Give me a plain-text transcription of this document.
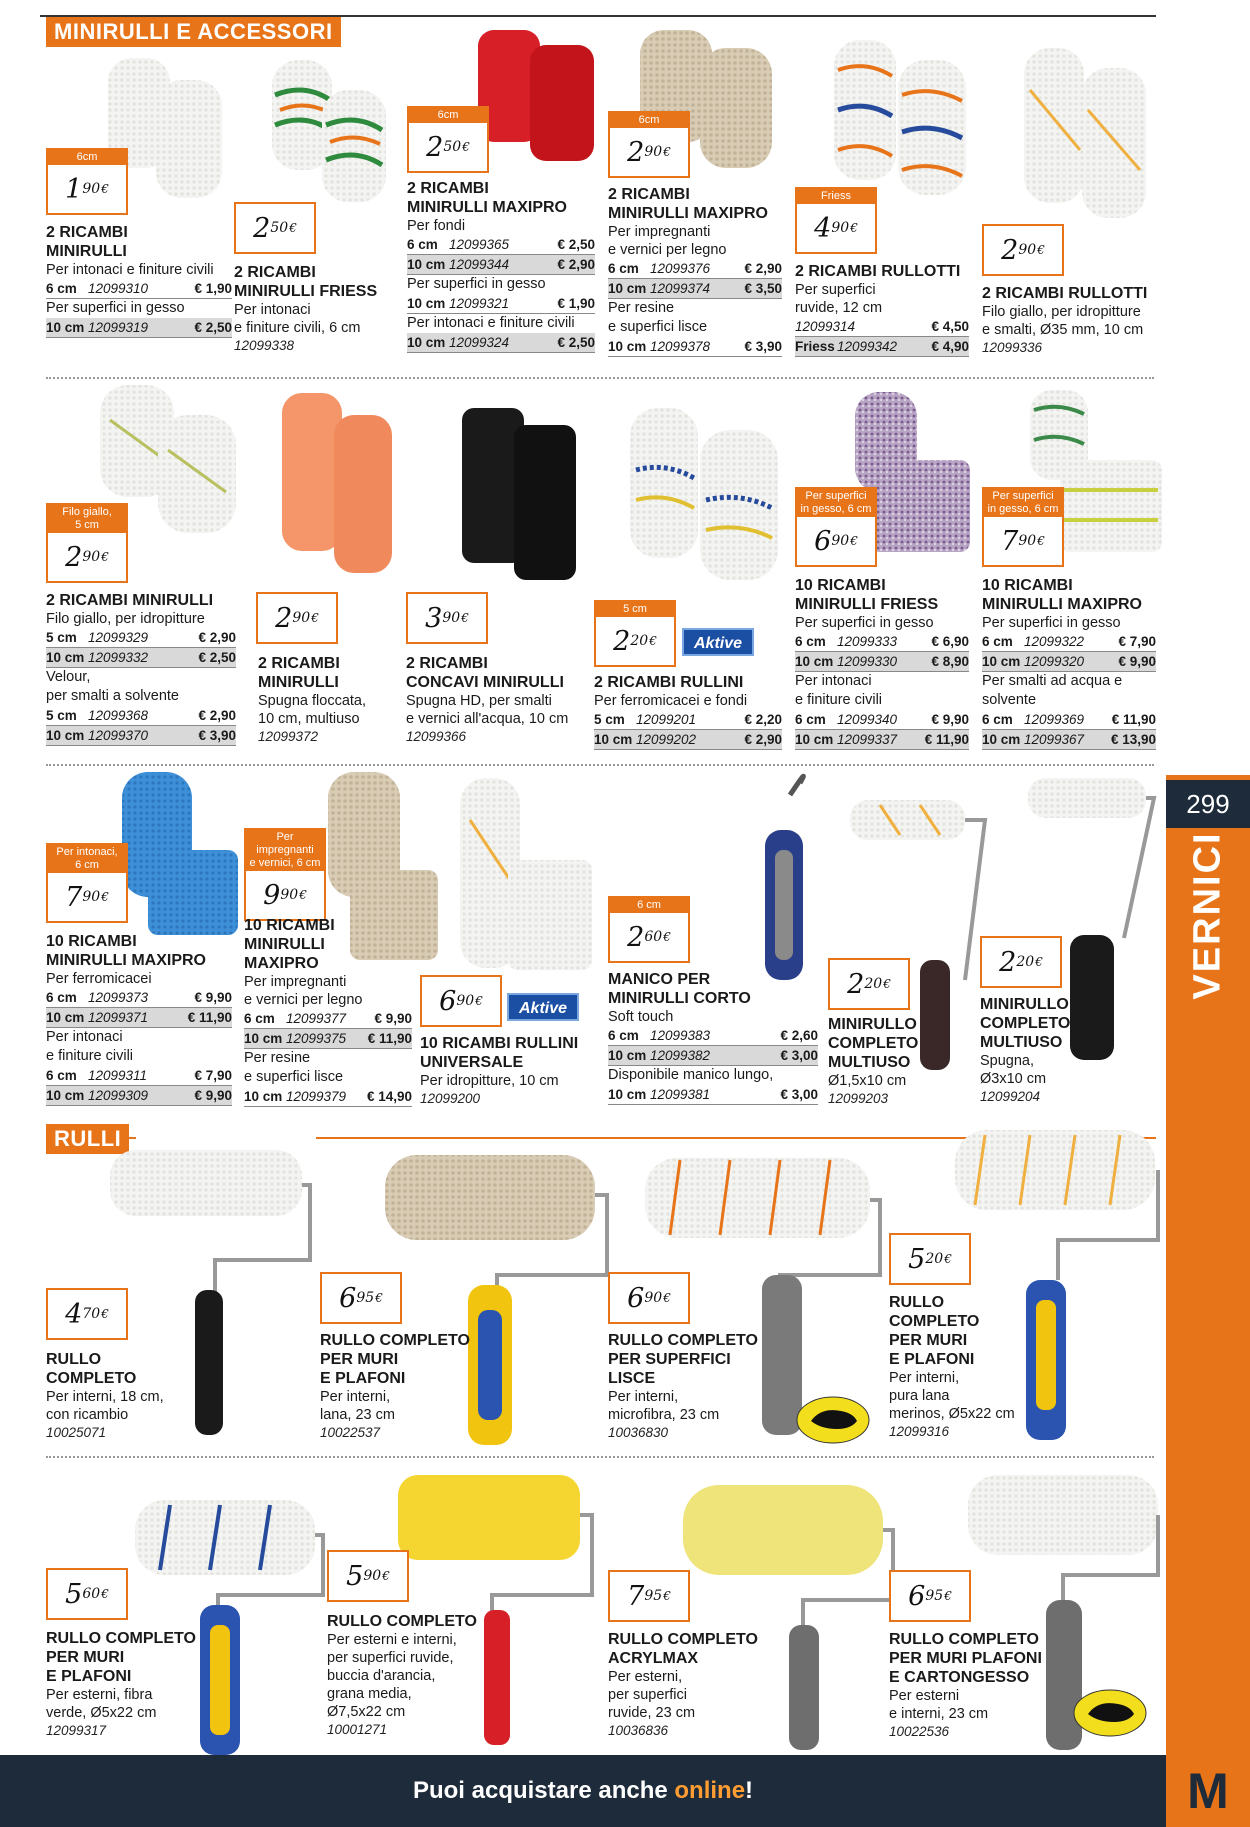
MINIRULLI E ACCESSORI
RULLI
299
VERNICI
Puoi acquistare anche online!	M
Aktive
Aktive
6cm
1 90 €
2 50 €
6cm
2 50 €
6cm
2 90 €
Friess
4 90 €
2 90 €
Filo giallo,
5 cm
2 90 €
2 90 €	3 90 €
5 cm
2 20 €
Per superfici
in gesso, 6 cm
6 90 €
Per superfici
in gesso, 6 cm
7 90 €
Per intonaci,
6 cm
7 90 €
Per impregnanti
e vernici, 6 cm
9 90 €
6 90 €
6 cm
2 60 €
2 20 €
2 20 €
4 70 €
6 95 €	6 90 €
5 20 €
5 60 €
5 90 €
7 95 €	6 95 €
2 RICAMBI
MINIRULLI
Per intonaci e finiture civili
6 cm 12099310	€ 1,90
Per superfici in gesso
10 cm 12099319	€ 2,50
2 RICAMBI
MINIRULLI FRIESS
Per intonaci
e finiture civili, 6 cm
12099338
2 RICAMBI
MINIRULLI MAXIPRO
Per fondi
6 cm 12099365	€ 2,50
10 cm 12099344	€ 2,90
Per superfici in gesso
10 cm 12099321	€ 1,90
Per intonaci e finiture civili
10 cm 12099324	€ 2,50
2 RICAMBI
MINIRULLI MAXIPRO
Per impregnanti
e vernici per legno
6 cm 12099376	€ 2,90
10 cm 12099374	€ 3,50
Per resine
e superfici lisce
10 cm 12099378	€ 3,90
2 RICAMBI RULLOTTI
Per superfici
ruvide, 12 cm
12099314	€ 4,50
Friess 12099342	€ 4,90
2 RICAMBI RULLOTTI
Filo giallo, per idropitture
e smalti, Ø35 mm, 10 cm
12099336
2 RICAMBI MINIRULLI
Filo giallo, per idropitture
5 cm 12099329	€ 2,90
10 cm 12099332	€ 2,50
Velour,
per smalti a solvente
5 cm 12099368	€ 2,90
10 cm 12099370	€ 3,90
2 RICAMBI
MINIRULLI
Spugna floccata,
10 cm, multiuso
12099372
2 RICAMBI
CONCAVI MINIRULLI
Spugna HD, per smalti
e vernici all'acqua, 10 cm
12099366
2 RICAMBI RULLINI
Per ferromicacei e fondi
5 cm 12099201	€ 2,20
10 cm 12099202	€ 2,90
10 RICAMBI
MINIRULLI FRIESS
Per superfici in gesso
6 cm 12099333	€ 6,90
10 cm 12099330	€ 8,90
Per intonaci
e finiture civili
6 cm 12099340	€ 9,90
10 cm 12099337	€ 11,90
10 RICAMBI
MINIRULLI MAXIPRO
Per superfici in gesso
6 cm 12099322	€ 7,90
10 cm 12099320	€ 9,90
Per smalti ad acqua e
solvente
6 cm 12099369	€ 11,90
10 cm 12099367	€ 13,90
10 RICAMBI
MINIRULLI MAXIPRO
Per ferromicacei
6 cm 12099373	€ 9,90
10 cm 12099371	€ 11,90
Per intonaci
e finiture civili
6 cm 12099311	€ 7,90
10 cm 12099309	€ 9,90
10 RICAMBI
MINIRULLI
MAXIPRO
Per impregnanti
e vernici per legno
6 cm 12099377	€ 9,90
10 cm 12099375	€ 11,90
Per resine
e superfici lisce
10 cm 12099379	€ 14,90
10 RICAMBI RULLINI
UNIVERSALE
Per idropitture, 10 cm
12099200
MANICO PER
MINIRULLI CORTO
Soft touch
6 cm 12099383	€ 2,60
10 cm 12099382	€ 3,00
Disponibile manico lungo,
10 cm 12099381	€ 3,00
MINIRULLO
COMPLETO
MULTIUSO
Ø1,5x10 cm
12099203
MINIRULLO
COMPLETO
MULTIUSO
Spugna,
Ø3x10 cm
12099204
RULLO
COMPLETO
Per interni, 18 cm,
con ricambio
10025071
RULLO COMPLETO
PER MURI
E PLAFONI
Per interni,
lana, 23 cm
10022537
RULLO COMPLETO
PER SUPERFICI
LISCE
Per interni,
microfibra, 23 cm
10036830
RULLO
COMPLETO
PER MURI
E PLAFONI
Per interni,
pura lana
merinos, Ø5x22 cm
12099316
RULLO COMPLETO
PER MURI
E PLAFONI
Per esterni, fibra
verde, Ø5x22 cm
12099317
RULLO COMPLETO
Per esterni e interni,
per superfici ruvide,
buccia d'arancia,
grana media,
Ø7,5x22 cm
10001271
RULLO COMPLETO
ACRYLMAX
Per esterni,
per superfici
ruvide, 23 cm
10036836
RULLO COMPLETO
PER MURI PLAFONI
E CARTONGESSO
Per esterni
e interni, 23 cm
10022536
